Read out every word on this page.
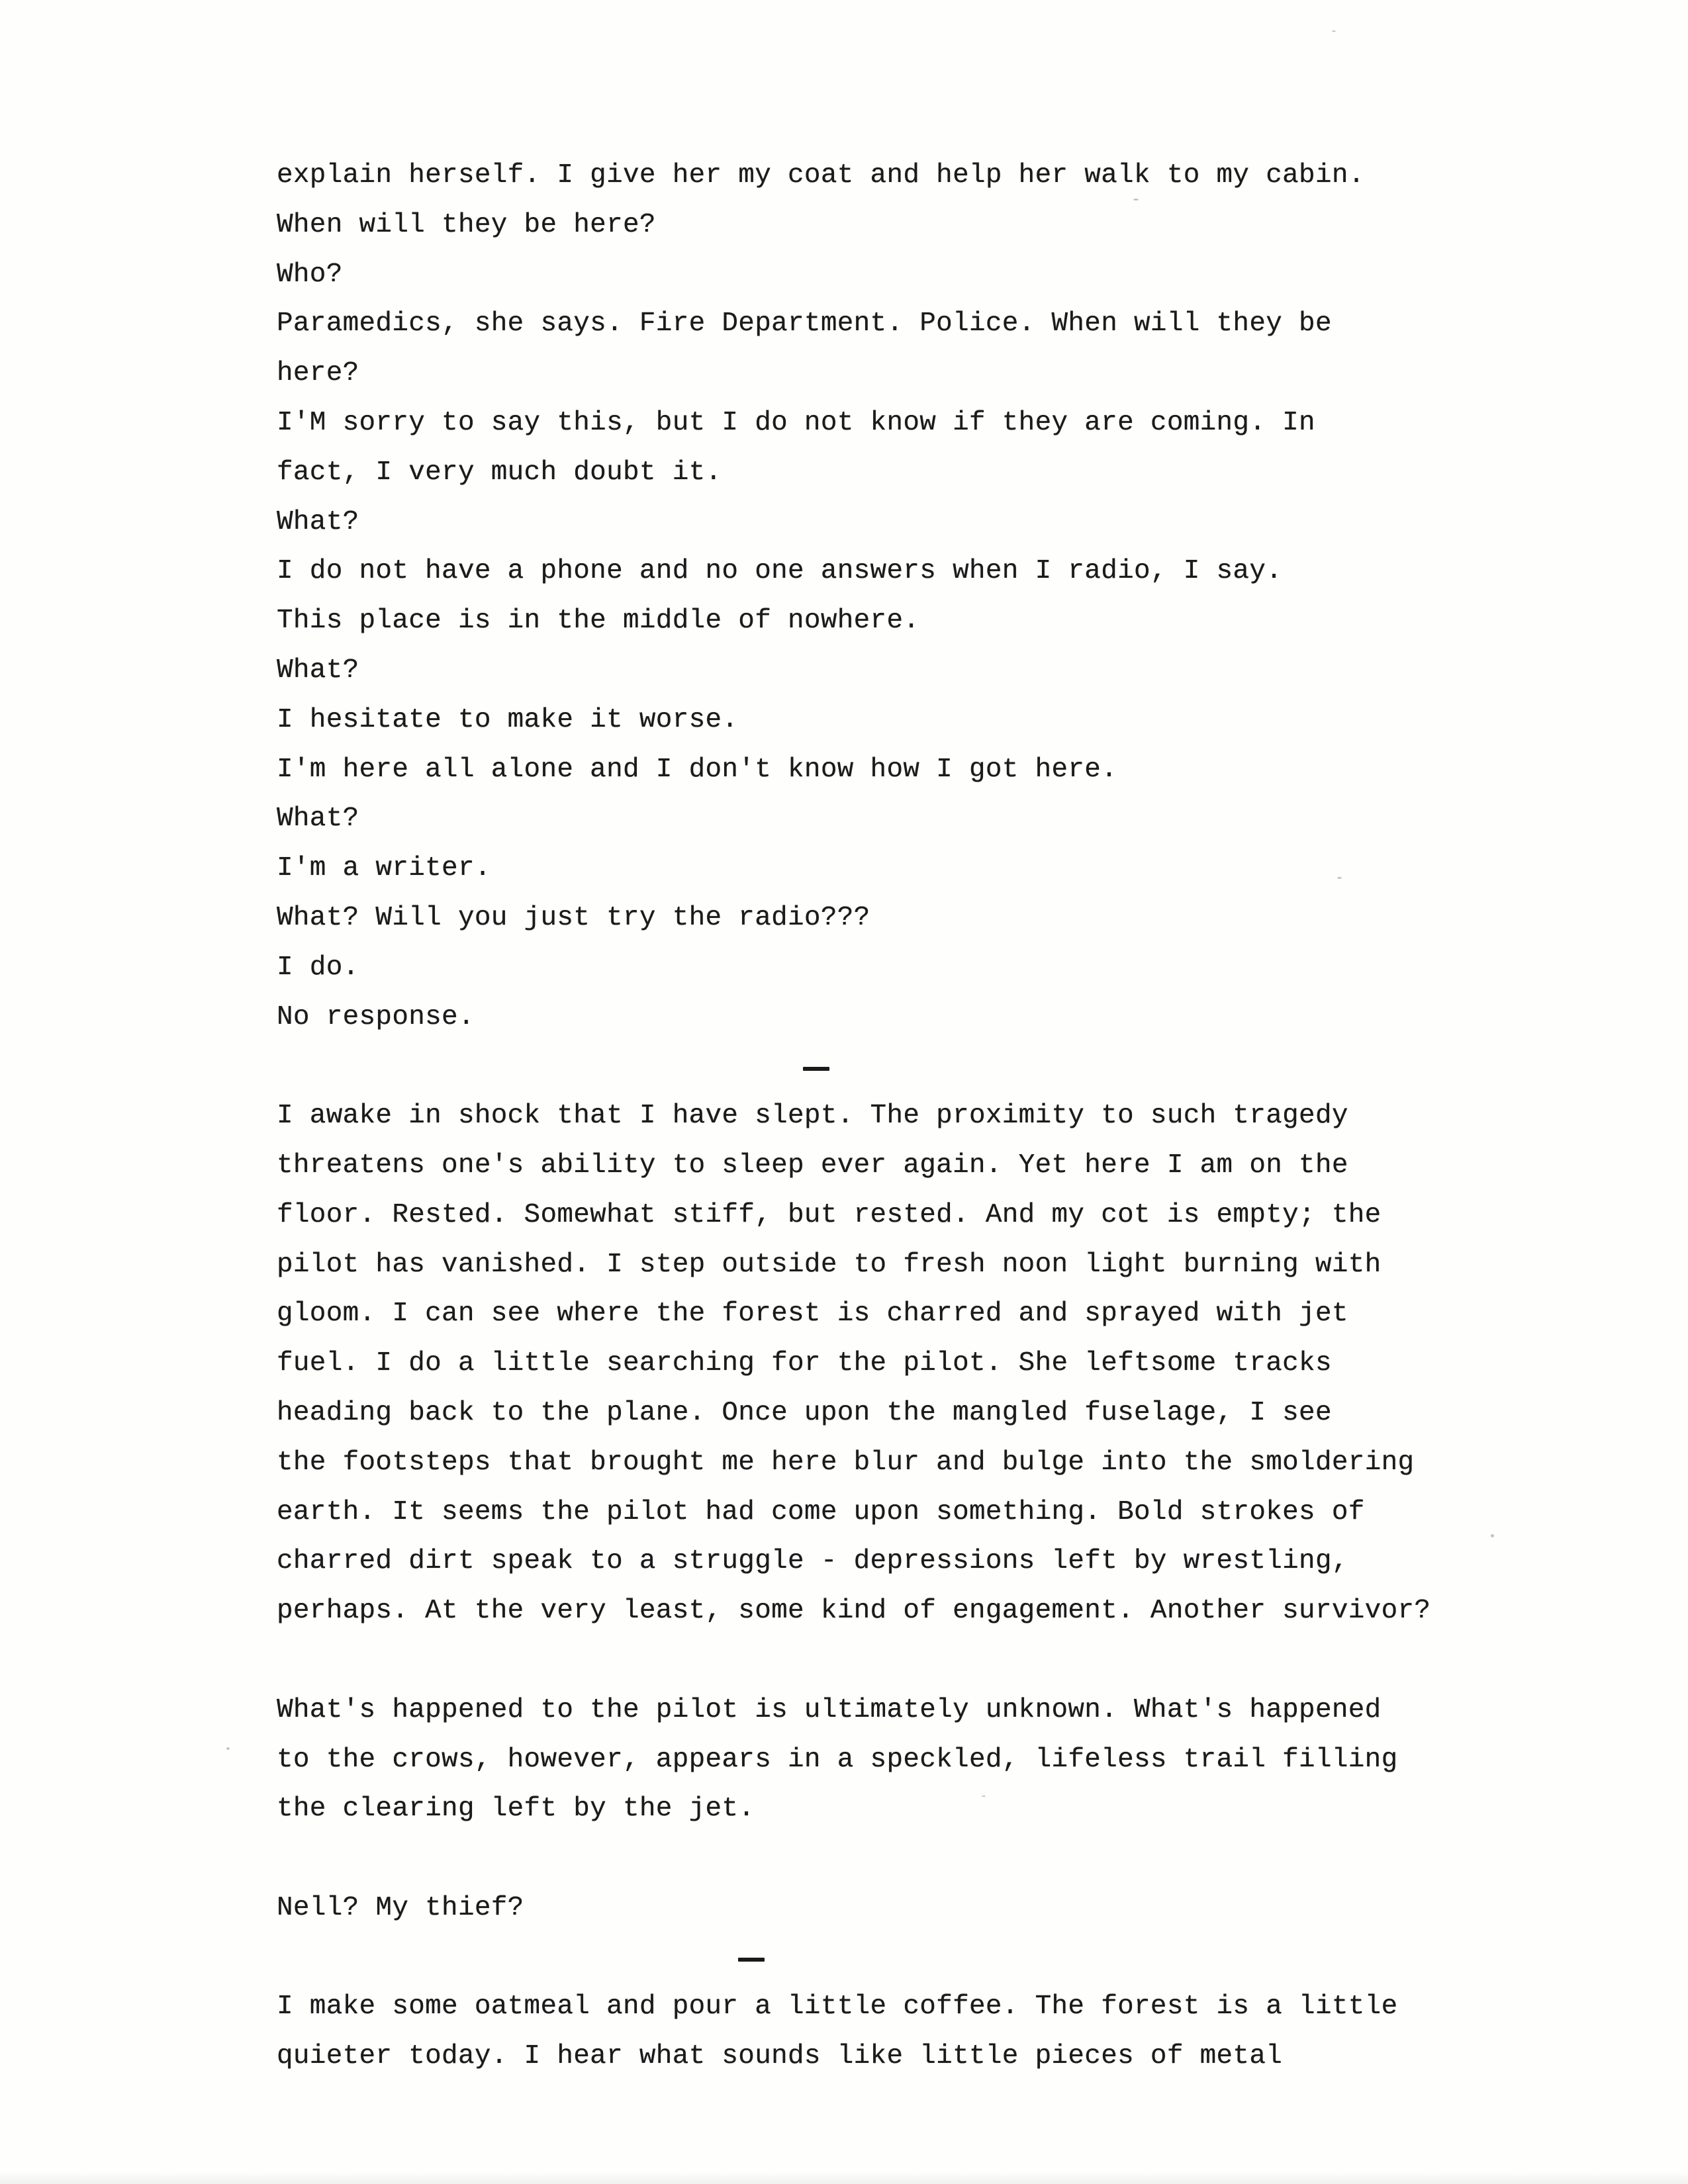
explain herself. I give her my coat and help her walk to my cabin.
When will they be here?
Who?
Paramedics, she says. Fire Department. Police. When will they be
here?
I'M sorry to say this, but I do not know if they are coming. In
fact, I very much doubt it.
What?
I do not have a phone and no one answers when I radio, I say.
This place is in the middle of nowhere.
What?
I hesitate to make it worse.
I'm here all alone and I don't know how I got here.
What?
I'm a writer.
What? Will you just try the radio???
I do.
No response.
I awake in shock that I have slept. The proximity to such tragedy
threatens one's ability to sleep ever again. Yet here I am on the
floor. Rested. Somewhat stiff, but rested. And my cot is empty; the
pilot has vanished. I step outside to fresh noon light burning with
gloom. I can see where the forest is charred and sprayed with jet
fuel. I do a little searching for the pilot. She leftsome tracks
heading back to the plane. Once upon the mangled fuselage, I see
the footsteps that brought me here blur and bulge into the smoldering
earth. It seems the pilot had come upon something. Bold strokes of
charred dirt speak to a struggle - depressions left by wrestling,
perhaps. At the very least, some kind of engagement. Another survivor?
What's happened to the pilot is ultimately unknown. What's happened
to the crows, however, appears in a speckled, lifeless trail filling
the clearing left by the jet.
Nell? My thief?
I make some oatmeal and pour a little coffee. The forest is a little
quieter today. I hear what sounds like little pieces of metal
